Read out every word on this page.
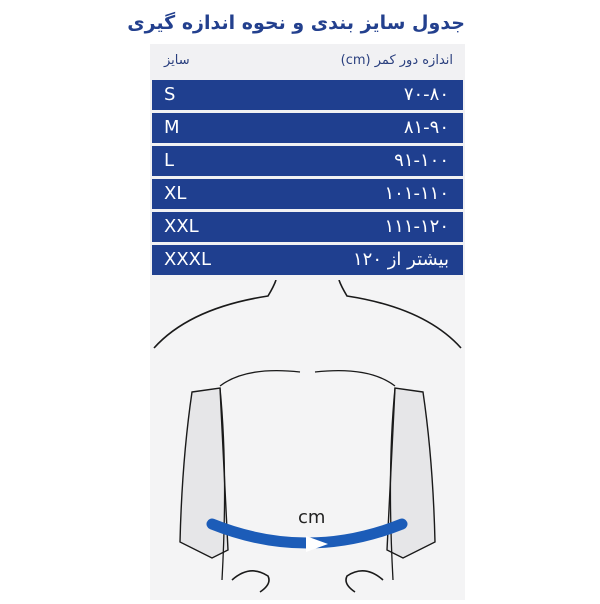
جدول سایز بندی و نحوه اندازه گیری
سایز	اندازه دور کمر (cm)
S	۷۰-۸۰
M	۸۱-۹۰
L	۹۱-۱۰۰
XL	۱۰۱-۱۱۰
XXL	۱۱۱-۱۲۰
XXXL	بیشتر از ۱۲۰
cm
